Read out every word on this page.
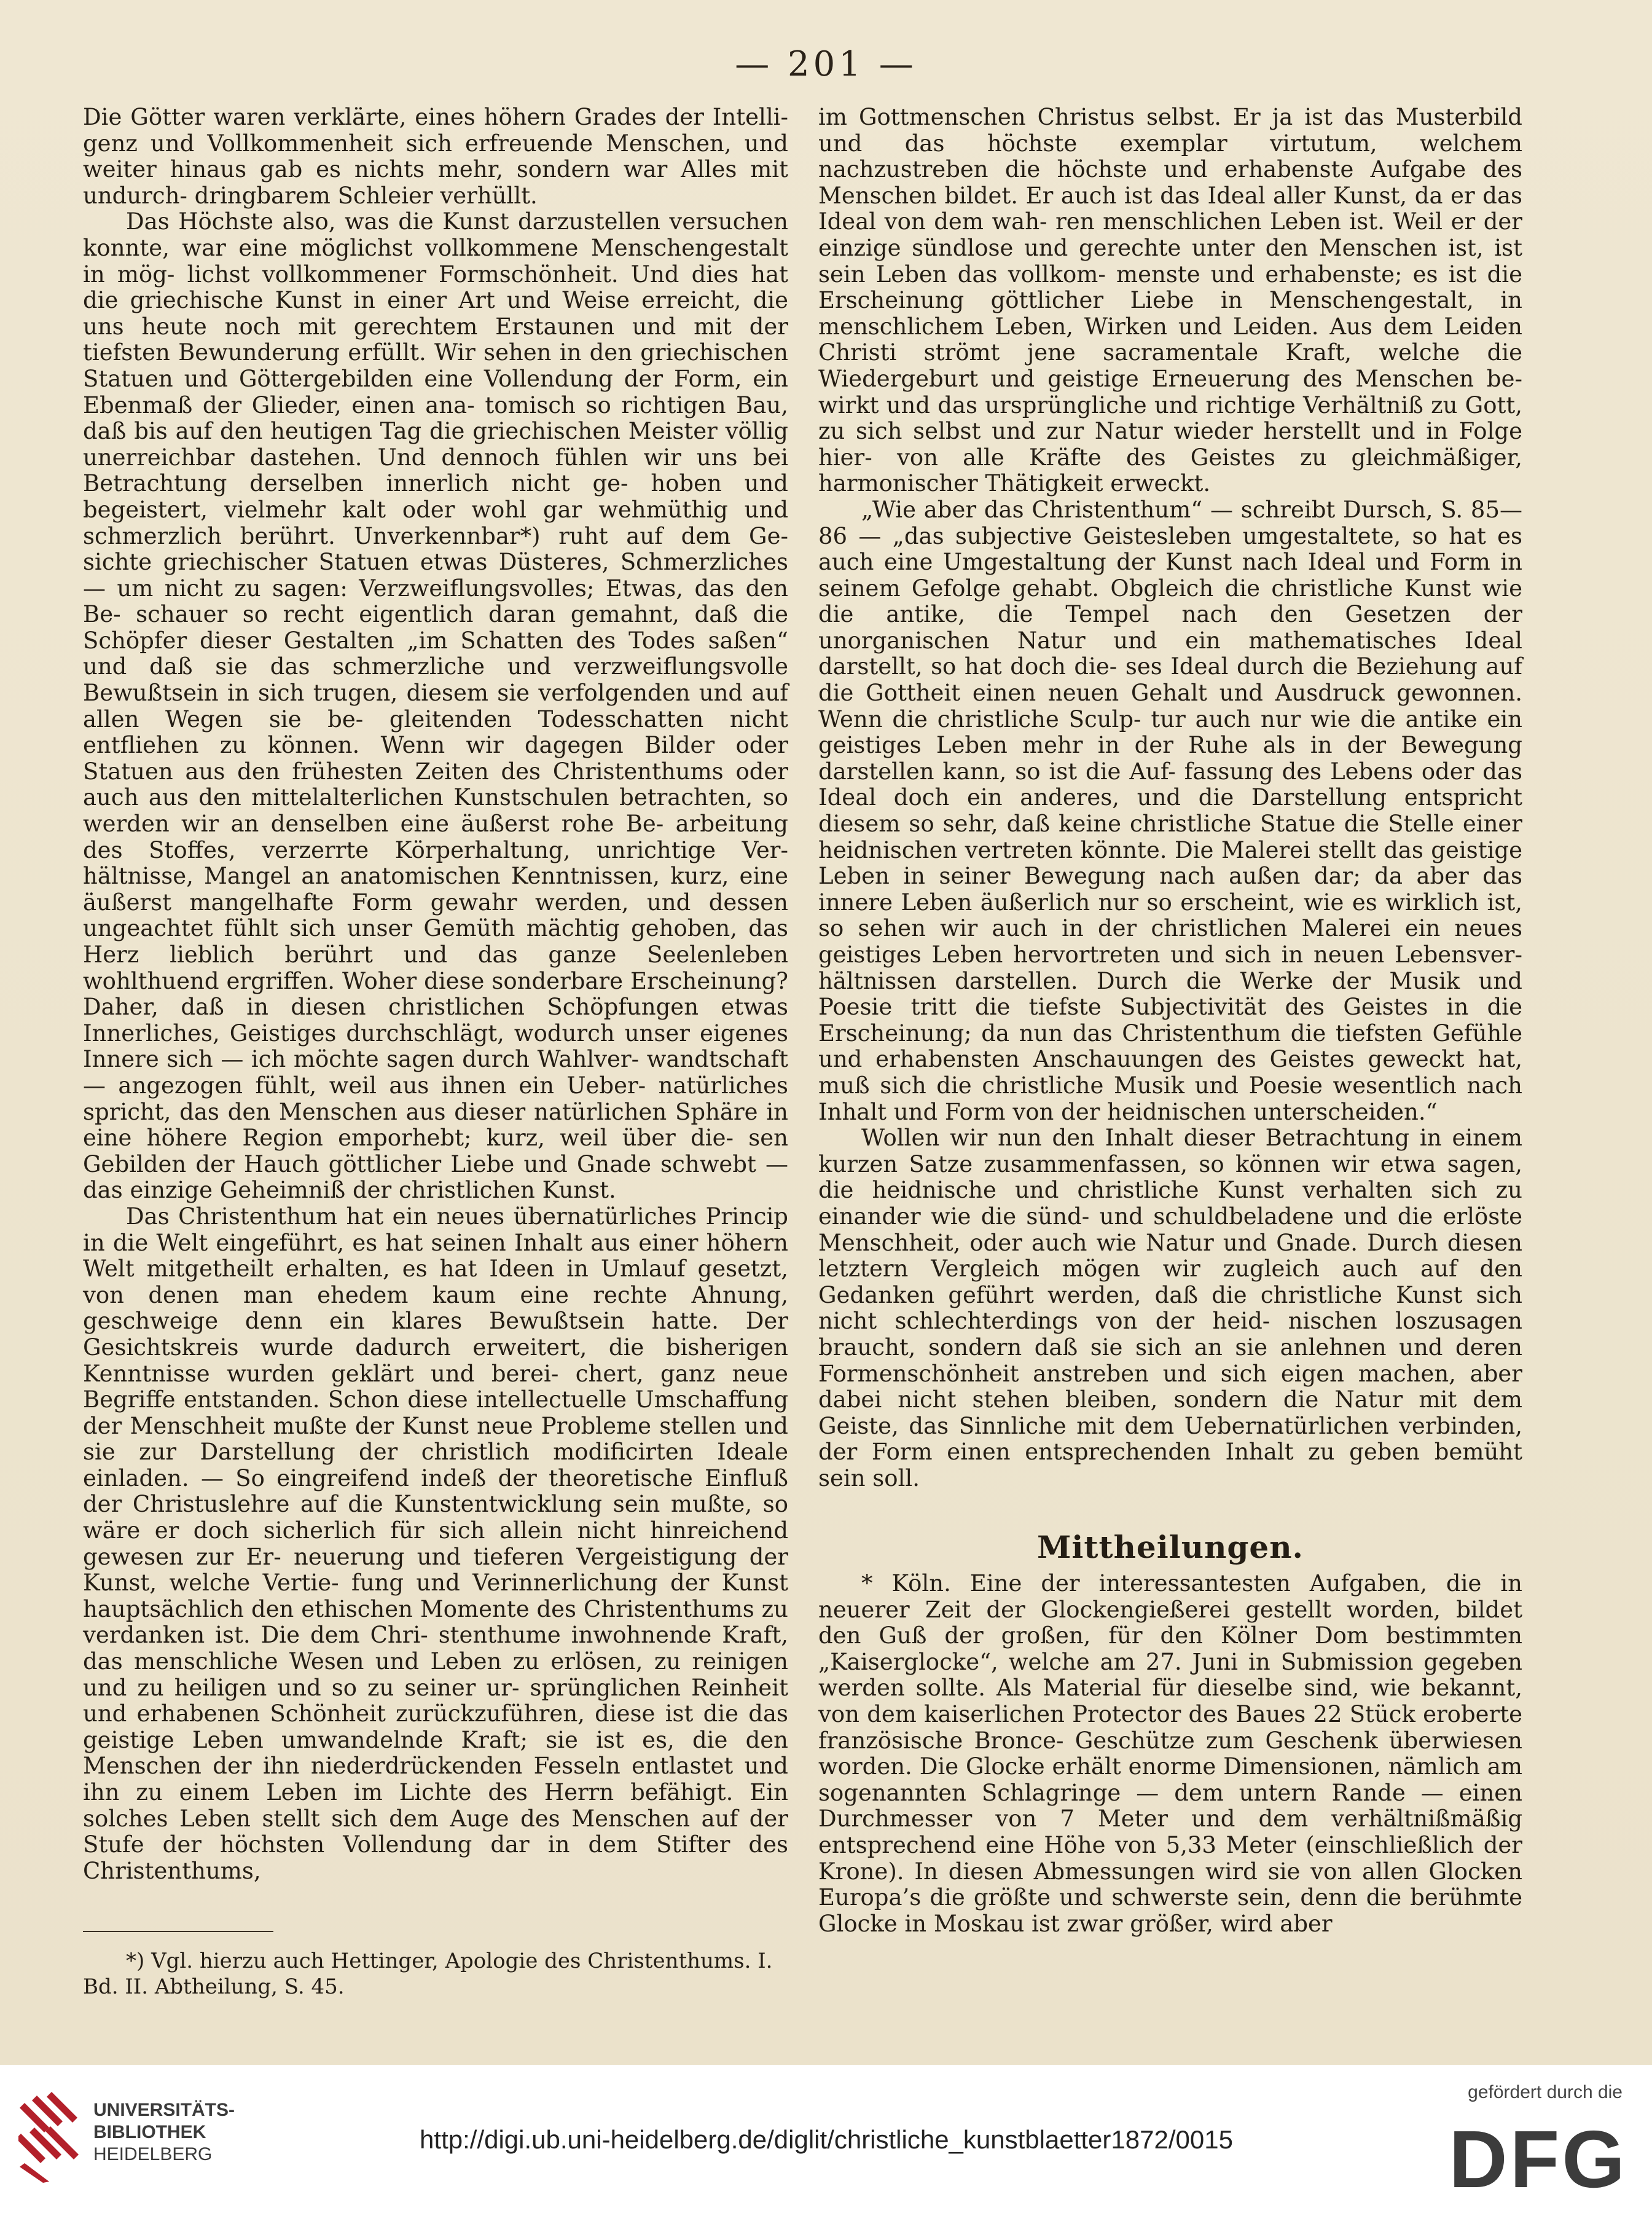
— 201 —

Die Götter waren verklärte, eines höhern Grades der Intelli- genz und Vollkommenheit sich erfreuende Menschen, und weiter hinaus gab es nichts mehr, sondern war Alles mit undurch- dringbarem Schleier verhüllt.

Das Höchste also, was die Kunst darzustellen versuchen konnte, war eine möglichst vollkommene Menschengestalt in mög- lichst vollkommener Formschönheit. Und dies hat die griechische Kunst in einer Art und Weise erreicht, die uns heute noch mit gerechtem Erstaunen und mit der tiefsten Bewunderung erfüllt. Wir sehen in den griechischen Statuen und Göttergebilden eine Vollendung der Form, ein Ebenmaß der Glieder, einen ana- tomisch so richtigen Bau, daß bis auf den heutigen Tag die griechischen Meister völlig unerreichbar dastehen. Und dennoch fühlen wir uns bei Betrachtung derselben innerlich nicht ge- hoben und begeistert, vielmehr kalt oder wohl gar wehmüthig und schmerzlich berührt. Unverkennbar*) ruht auf dem Ge- sichte griechischer Statuen etwas Düsteres, Schmerzliches — um nicht zu sagen: Verzweiflungsvolles; Etwas, das den Be- schauer so recht eigentlich daran gemahnt, daß die Schöpfer dieser Gestalten „im Schatten des Todes saßen“ und daß sie das schmerzliche und verzweiflungsvolle Bewußtsein in sich trugen, diesem sie verfolgenden und auf allen Wegen sie be- gleitenden Todesschatten nicht entfliehen zu können. Wenn wir dagegen Bilder oder Statuen aus den frühesten Zeiten des Christenthums oder auch aus den mittelalterlichen Kunstschulen betrachten, so werden wir an denselben eine äußerst rohe Be- arbeitung des Stoffes, verzerrte Körperhaltung, unrichtige Ver- hältnisse, Mangel an anatomischen Kenntnissen, kurz, eine äußerst mangelhafte Form gewahr werden, und dessen ungeachtet fühlt sich unser Gemüth mächtig gehoben, das Herz lieblich berührt und das ganze Seelenleben wohlthuend ergriffen. Woher diese sonderbare Erscheinung? Daher, daß in diesen christlichen Schöpfungen etwas Innerliches, Geistiges durchschlägt, wodurch unser eigenes Innere sich — ich möchte sagen durch Wahlver- wandtschaft — angezogen fühlt, weil aus ihnen ein Ueber- natürliches spricht, das den Menschen aus dieser natürlichen Sphäre in eine höhere Region emporhebt; kurz, weil über die- sen Gebilden der Hauch göttlicher Liebe und Gnade schwebt — das einzige Geheimniß der christlichen Kunst.

Das Christenthum hat ein neues übernatürliches Princip in die Welt eingeführt, es hat seinen Inhalt aus einer höhern Welt mitgetheilt erhalten, es hat Ideen in Umlauf gesetzt, von denen man ehedem kaum eine rechte Ahnung, geschweige denn ein klares Bewußtsein hatte. Der Gesichtskreis wurde dadurch erweitert, die bisherigen Kenntnisse wurden geklärt und berei- chert, ganz neue Begriffe entstanden. Schon diese intellectuelle Umschaffung der Menschheit mußte der Kunst neue Probleme stellen und sie zur Darstellung der christlich modificirten Ideale einladen. — So eingreifend indeß der theoretische Einfluß der Christuslehre auf die Kunstentwicklung sein mußte, so wäre er doch sicherlich für sich allein nicht hinreichend gewesen zur Er- neuerung und tieferen Vergeistigung der Kunst, welche Vertie- fung und Verinnerlichung der Kunst hauptsächlich den ethischen Momente des Christenthums zu verdanken ist. Die dem Chri- stenthume inwohnende Kraft, das menschliche Wesen und Leben zu erlösen, zu reinigen und zu heiligen und so zu seiner ur- sprünglichen Reinheit und erhabenen Schönheit zurückzuführen, diese ist die das geistige Leben umwandelnde Kraft; sie ist es, die den Menschen der ihn niederdrückenden Fesseln entlastet und ihn zu einem Leben im Lichte des Herrn befähigt. Ein solches Leben stellt sich dem Auge des Menschen auf der Stufe der höchsten Vollendung dar in dem Stifter des Christenthums,

*) Vgl. hierzu auch Hettinger, Apologie des Christenthums. I.

Bd. II. Abtheilung, S. 45.

im Gottmenschen Christus selbst. Er ja ist das Musterbild und das höchste exemplar virtutum, welchem nachzustreben die höchste und erhabenste Aufgabe des Menschen bildet. Er auch ist das Ideal aller Kunst, da er das Ideal von dem wah- ren menschlichen Leben ist. Weil er der einzige sündlose und gerechte unter den Menschen ist, ist sein Leben das vollkom- menste und erhabenste; es ist die Erscheinung göttlicher Liebe in Menschengestalt, in menschlichem Leben, Wirken und Leiden. Aus dem Leiden Christi strömt jene sacramentale Kraft, welche die Wiedergeburt und geistige Erneuerung des Menschen be- wirkt und das ursprüngliche und richtige Verhältniß zu Gott, zu sich selbst und zur Natur wieder herstellt und in Folge hier- von alle Kräfte des Geistes zu gleichmäßiger, harmonischer Thätigkeit erweckt.

„Wie aber das Christenthum“ — schreibt Dursch, S. 85—86 — „das subjective Geistesleben umgestaltete, so hat es auch eine Umgestaltung der Kunst nach Ideal und Form in seinem Gefolge gehabt. Obgleich die christliche Kunst wie die antike, die Tempel nach den Gesetzen der unorganischen Natur und ein mathematisches Ideal darstellt, so hat doch die- ses Ideal durch die Beziehung auf die Gottheit einen neuen Gehalt und Ausdruck gewonnen. Wenn die christliche Sculp- tur auch nur wie die antike ein geistiges Leben mehr in der Ruhe als in der Bewegung darstellen kann, so ist die Auf- fassung des Lebens oder das Ideal doch ein anderes, und die Darstellung entspricht diesem so sehr, daß keine christliche Statue die Stelle einer heidnischen vertreten könnte. Die Malerei stellt das geistige Leben in seiner Bewegung nach außen dar; da aber das innere Leben äußerlich nur so erscheint, wie es wirklich ist, so sehen wir auch in der christlichen Malerei ein neues geistiges Leben hervortreten und sich in neuen Lebensver- hältnissen darstellen. Durch die Werke der Musik und Poesie tritt die tiefste Subjectivität des Geistes in die Erscheinung; da nun das Christenthum die tiefsten Gefühle und erhabensten Anschauungen des Geistes geweckt hat, muß sich die christliche Musik und Poesie wesentlich nach Inhalt und Form von der heidnischen unterscheiden.“

Wollen wir nun den Inhalt dieser Betrachtung in einem kurzen Satze zusammenfassen, so können wir etwa sagen, die heidnische und christliche Kunst verhalten sich zu einander wie die sünd- und schuldbeladene und die erlöste Menschheit, oder auch wie Natur und Gnade. Durch diesen letztern Vergleich mögen wir zugleich auch auf den Gedanken geführt werden, daß die christliche Kunst sich nicht schlechterdings von der heid- nischen loszusagen braucht, sondern daß sie sich an sie anlehnen und deren Formenschönheit anstreben und sich eigen machen, aber dabei nicht stehen bleiben, sondern die Natur mit dem Geiste, das Sinnliche mit dem Uebernatürlichen verbinden, der Form einen entsprechenden Inhalt zu geben bemüht sein soll.

Mittheilungen.

* Köln. Eine der interessantesten Aufgaben, die in neuerer Zeit der Glockengießerei gestellt worden, bildet den Guß der großen, für den Kölner Dom bestimmten „Kaiserglocke“, welche am 27. Juni in Submission gegeben werden sollte. Als Material für dieselbe sind, wie bekannt, von dem kaiserlichen Protector des Baues 22 Stück eroberte französische Bronce- Geschütze zum Geschenk überwiesen worden. Die Glocke erhält enorme Dimensionen, nämlich am sogenannten Schlagringe — dem untern Rande — einen Durchmesser von 7 Meter und dem verhältnißmäßig entsprechend eine Höhe von 5,33 Meter (einschließlich der Krone). In diesen Abmessungen wird sie von allen Glocken Europa’s die größte und schwerste sein, denn die berühmte Glocke in Moskau ist zwar größer, wird aber

UNIVERSITÄTS-
BIBLIOTHEK
HEIDELBERG
http://digi.ub.uni-heidelberg.de/diglit/christliche_kunstblaetter1872/0015
gefördert durch die
DFG
